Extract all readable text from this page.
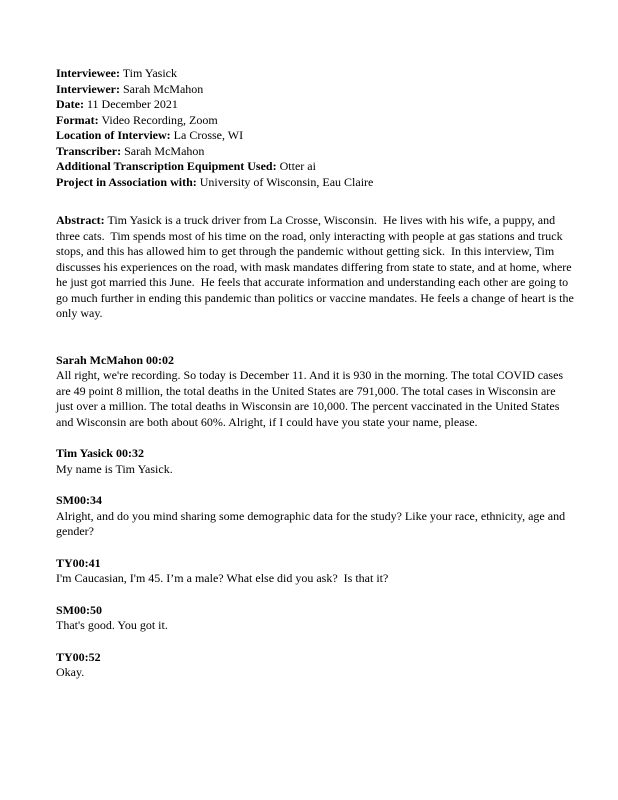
Interviewee: Tim Yasick

Interviewer: Sarah McMahon

Date: 11 December 2021

Format: Video Recording, Zoom

Location of Interview: La Crosse, WI

Transcriber: Sarah McMahon

Additional Transcription Equipment Used: Otter ai

Project in Association with: University of Wisconsin, Eau Claire

Abstract: Tim Yasick is a truck driver from La Crosse, Wisconsin.  He lives with his wife, a puppy, and three cats.  Tim spends most of his time on the road, only interacting with people at gas stations and truck stops, and this has allowed him to get through the pandemic without getting sick.  In this interview, Tim discusses his experiences on the road, with mask mandates differing from state to state, and at home, where he just got married this June.  He feels that accurate information and understanding each other are going to go much further in ending this pandemic than politics or vaccine mandates. He feels a change of heart is the only way.

Sarah McMahon 00:02

All right, we're recording. So today is December 11. And it is 930 in the morning. The total COVID cases are 49 point 8 million, the total deaths in the United States are 791,000. The total cases in Wisconsin are just over a million. The total deaths in Wisconsin are 10,000. The percent vaccinated in the United States and Wisconsin are both about 60%. Alright, if I could have you state your name, please.

Tim Yasick 00:32

My name is Tim Yasick.

SM00:34

Alright, and do you mind sharing some demographic data for the study? Like your race, ethnicity, age and gender?

TY00:41

I'm Caucasian, I'm 45. I’m a male? What else did you ask?  Is that it?

SM00:50

That's good. You got it.

TY00:52

Okay.
